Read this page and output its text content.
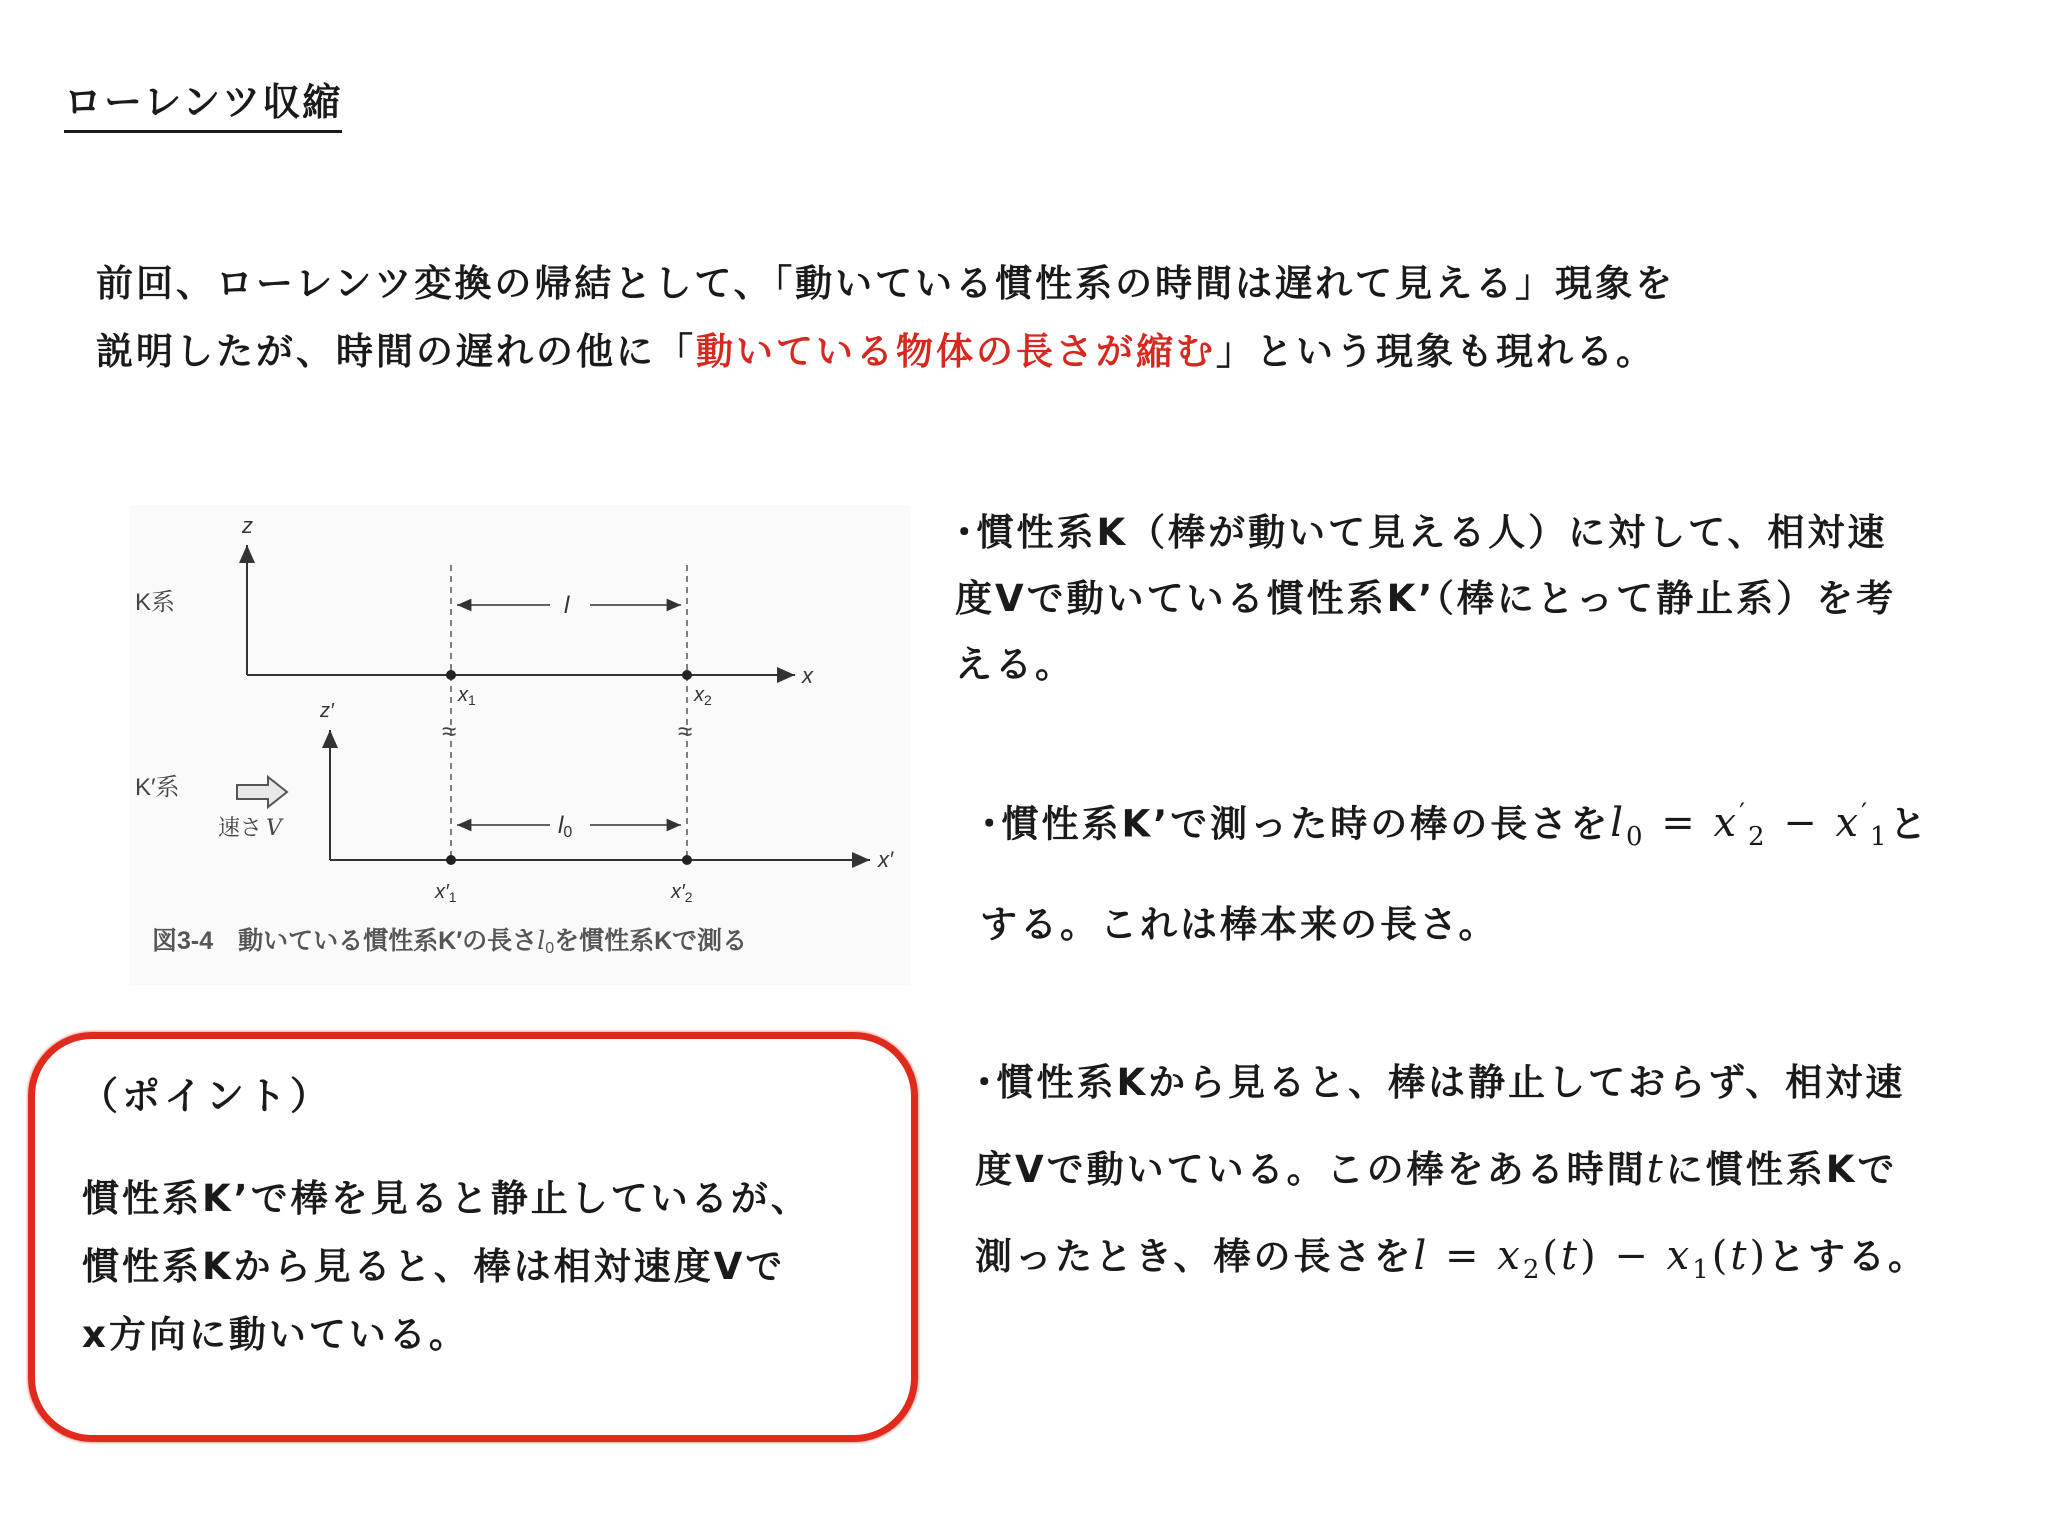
ローレンツ収縮
前回、ローレンツ変換の帰結として、「動いている慣性系の時間は遅れて見える」現象を
説明したが、時間の遅れの他に「動いている物体の長さが縮む」という現象も現れる。
z
x
K系	l
$x_1$	$x_2$
≈	≈
z′
x′
K′系
速さ V	l0
$x'_1$	$x'_2$
図3-4　動いている慣性系K′の長さl0を慣性系Kで測る
･慣性系K（棒が動いて見える人）に対して、相対速
度Vで動いている慣性系K’（棒にとって静止系）を考
える。
･慣性系K’で測った時の棒の長さを$l_0 = x'_2 - x'_1$と
する。これは棒本来の長さ。
･慣性系Kから見ると、棒は静止しておらず、相対速
度Vで動いている。この棒をある時間tに慣性系Kで
測ったとき、棒の長さを$l = x_2(t) - x_1(t)$とする。
（ポイント）
慣性系K’で棒を見ると静止しているが、
慣性系Kから見ると、棒は相対速度Vで
x方向に動いている。
